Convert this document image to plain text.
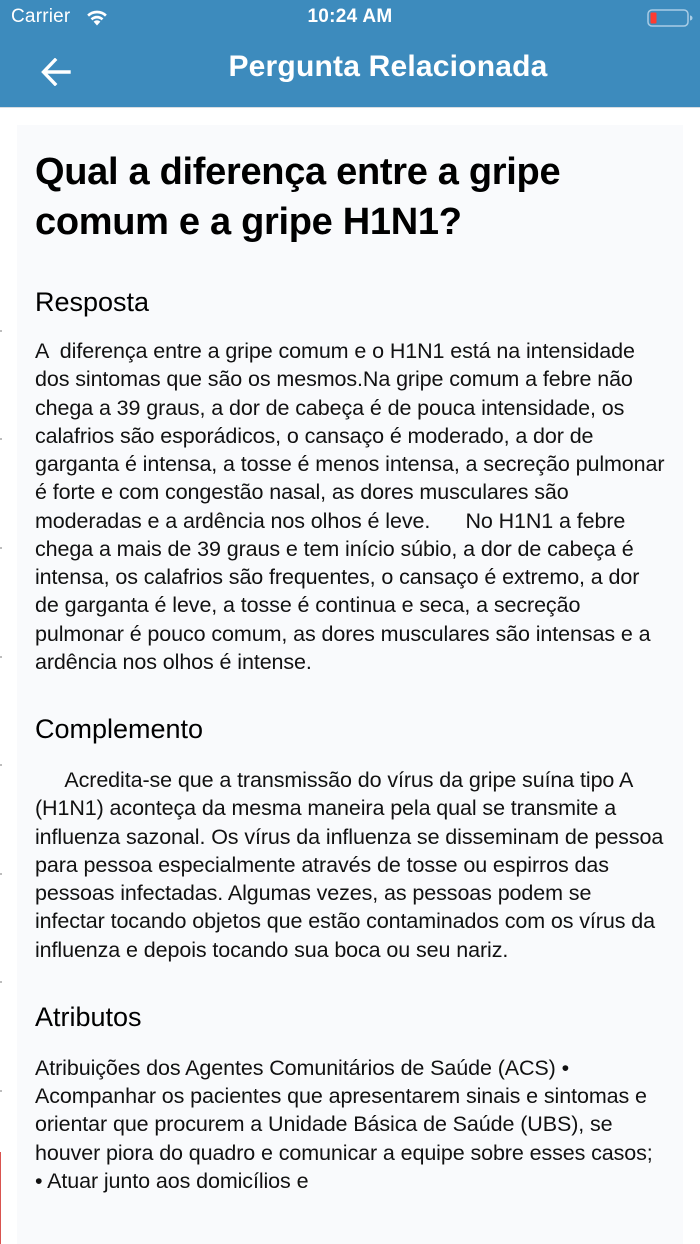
Carrier	10:24 AM
Pergunta Relacionada
Qual a diferença entre a gripe comum e a gripe H1N1?
Resposta

A  diferença entre a gripe comum e o H1N1 está na intensidade dos sintomas que são os mesmos.Na gripe comum a febre não chega a 39 graus, a dor de cabeça é de pouca intensidade, os calafrios são esporádicos, o cansaço é moderado, a dor de garganta é intensa, a tosse é menos intensa, a secreção pulmonar é forte e com congestão nasal, as dores musculares são moderadas e a ardência nos olhos é leve.      No H1N1 a febre chega a mais de 39 graus e tem início súbio, a dor de cabeça é intensa, os calafrios são frequentes, o cansaço é extremo, a dor de garganta é leve, a tosse é continua e seca, a secreção pulmonar é pouco comum, as dores musculares são intensas e a ardência nos olhos é intense.

Complemento

Acredita-se que a transmissão do vírus da gripe suína tipo A (H1N1) aconteça da mesma maneira pela qual se transmite a influenza sazonal. Os vírus da influenza se disseminam de pessoa para pessoa especialmente através de tosse ou espirros das pessoas infectadas. Algumas vezes, as pessoas podem se infectar tocando objetos que estão contaminados com os vírus da influenza e depois tocando sua boca ou seu nariz.

Atributos

Atribuições dos Agentes Comunitários de Saúde (ACS) • Acompanhar os pacientes que apresentarem sinais e sintomas e orientar que procurem a Unidade Básica de Saúde (UBS), se houver piora do quadro e comunicar a equipe sobre esses casos; • Atuar junto aos domicílios e
